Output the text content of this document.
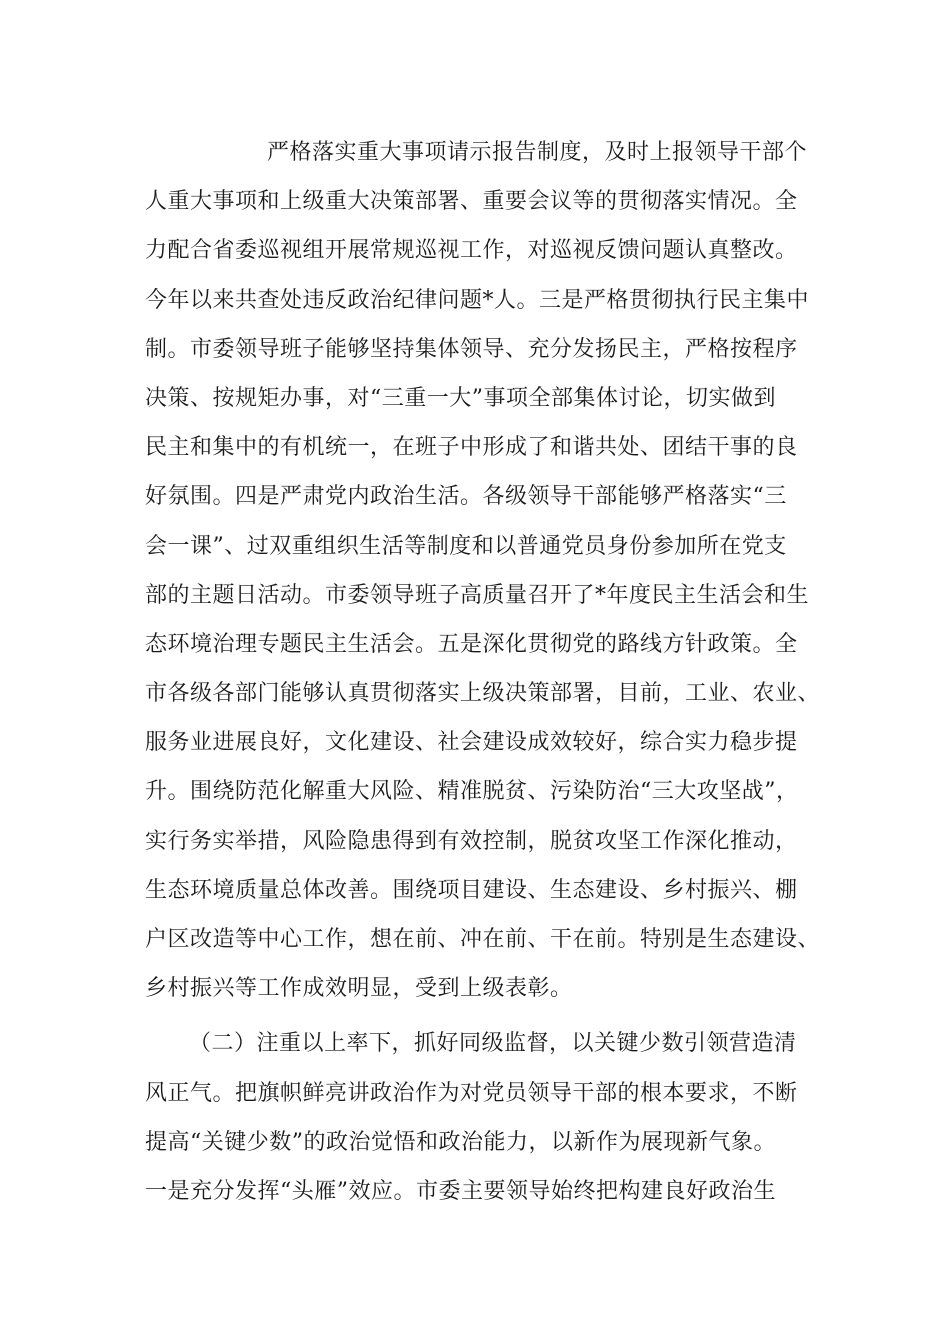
严格落实重大事项请示报告制度，及时上报领导干部个
人重大事项和上级重大决策部署、重要会议等的贯彻落实情况。全
力配合省委巡视组开展常规巡视工作，对巡视反馈问题认真整改。
今年以来共查处违反政治纪律问题*人。三是严格贯彻执行民主集中
制。市委领导班子能够坚持集体领导、充分发扬民主，严格按程序
决策、按规矩办事，对“三重一大”事项全部集体讨论，切实做到
民主和集中的有机统一，在班子中形成了和谐共处、团结干事的良
好氛围。四是严肃党内政治生活。各级领导干部能够严格落实“三
会一课”、过双重组织生活等制度和以普通党员身份参加所在党支
部的主题日活动。市委领导班子高质量召开了*年度民主生活会和生
态环境治理专题民主生活会。五是深化贯彻党的路线方针政策。全
市各级各部门能够认真贯彻落实上级决策部署，目前，工业、农业、
服务业进展良好，文化建设、社会建设成效较好，综合实力稳步提
升。围绕防范化解重大风险、精准脱贫、污染防治“三大攻坚战”，
实行务实举措，风险隐患得到有效控制，脱贫攻坚工作深化推动，
生态环境质量总体改善。围绕项目建设、生态建设、乡村振兴、棚
户区改造等中心工作，想在前、冲在前、干在前。特别是生态建设、
乡村振兴等工作成效明显，受到上级表彰。
（二）注重以上率下，抓好同级监督，以关键少数引领营造清
风正气。把旗帜鲜亮讲政治作为对党员领导干部的根本要求，不断
提高“关键少数”的政治觉悟和政治能力，以新作为展现新气象。
一是充分发挥“头雁”效应。市委主要领导始终把构建良好政治生
